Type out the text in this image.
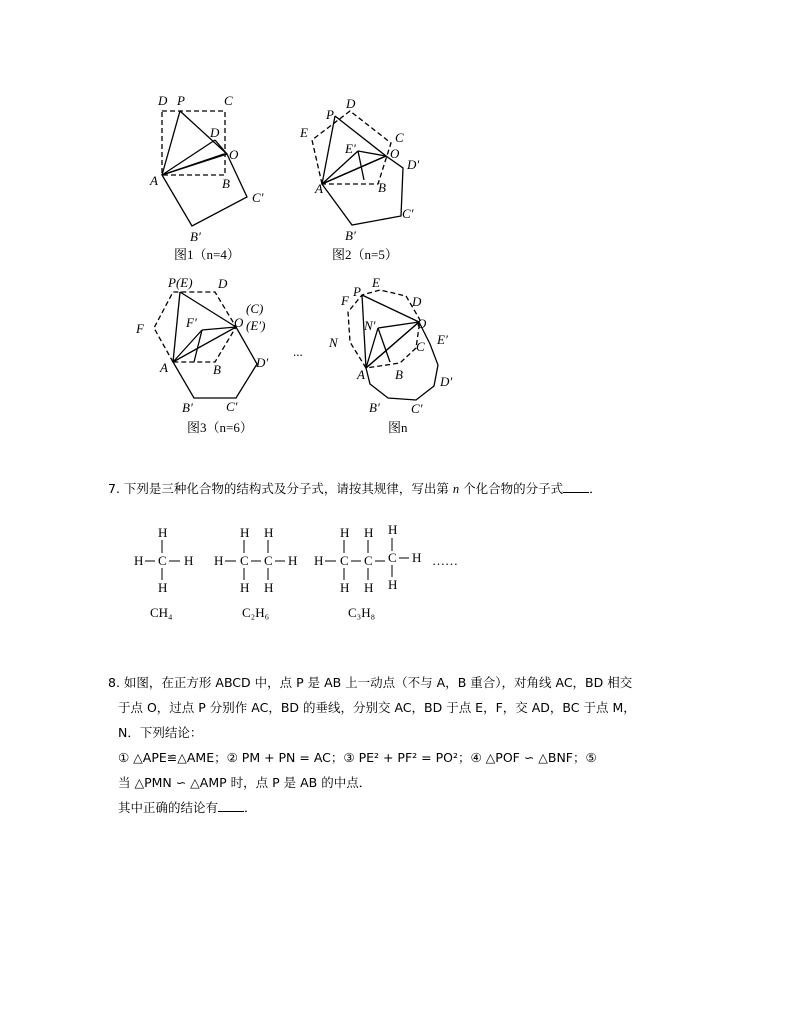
D P	C
D
O
A	B
C′
B′
图1（n=4）
D
E
P
C
E′	O
D′
A	B
C′
B′
图2（n=5）
P(E) D
(C)
F	F′	O (E′)
A	B	D′
B′	C′
图3（n=6）
...
E
P
D
F
N′	O
N	C E′
A B	D′
B′ C′
图n
7. 下列是三种化合物的结构式及分子式，请按其规律，写出第 n 个化合物的分子式 ．
H
H C H
H
H H
H C C H
H H
H H H
H C C C H
H H H
……
CH₄	C₂H₆	C₃H₈
8. 如图，在正方形 ABCD 中，点 P 是 AB 上一动点（不与 A，B 重合），对角线 AC，BD 相交
于点 O，过点 P 分别作 AC，BD 的垂线，分别交 AC，BD 于点 E，F，交 AD，BC 于点 M，
N．下列结论：
① △APE≌△AME；② PM + PN = AC；③ PE² + PF² = PO²；④ △POF ∽ △BNF；⑤
当 △PMN ∽ △AMP 时，点 P 是 AB 的中点．
其中正确的结论有 ．
